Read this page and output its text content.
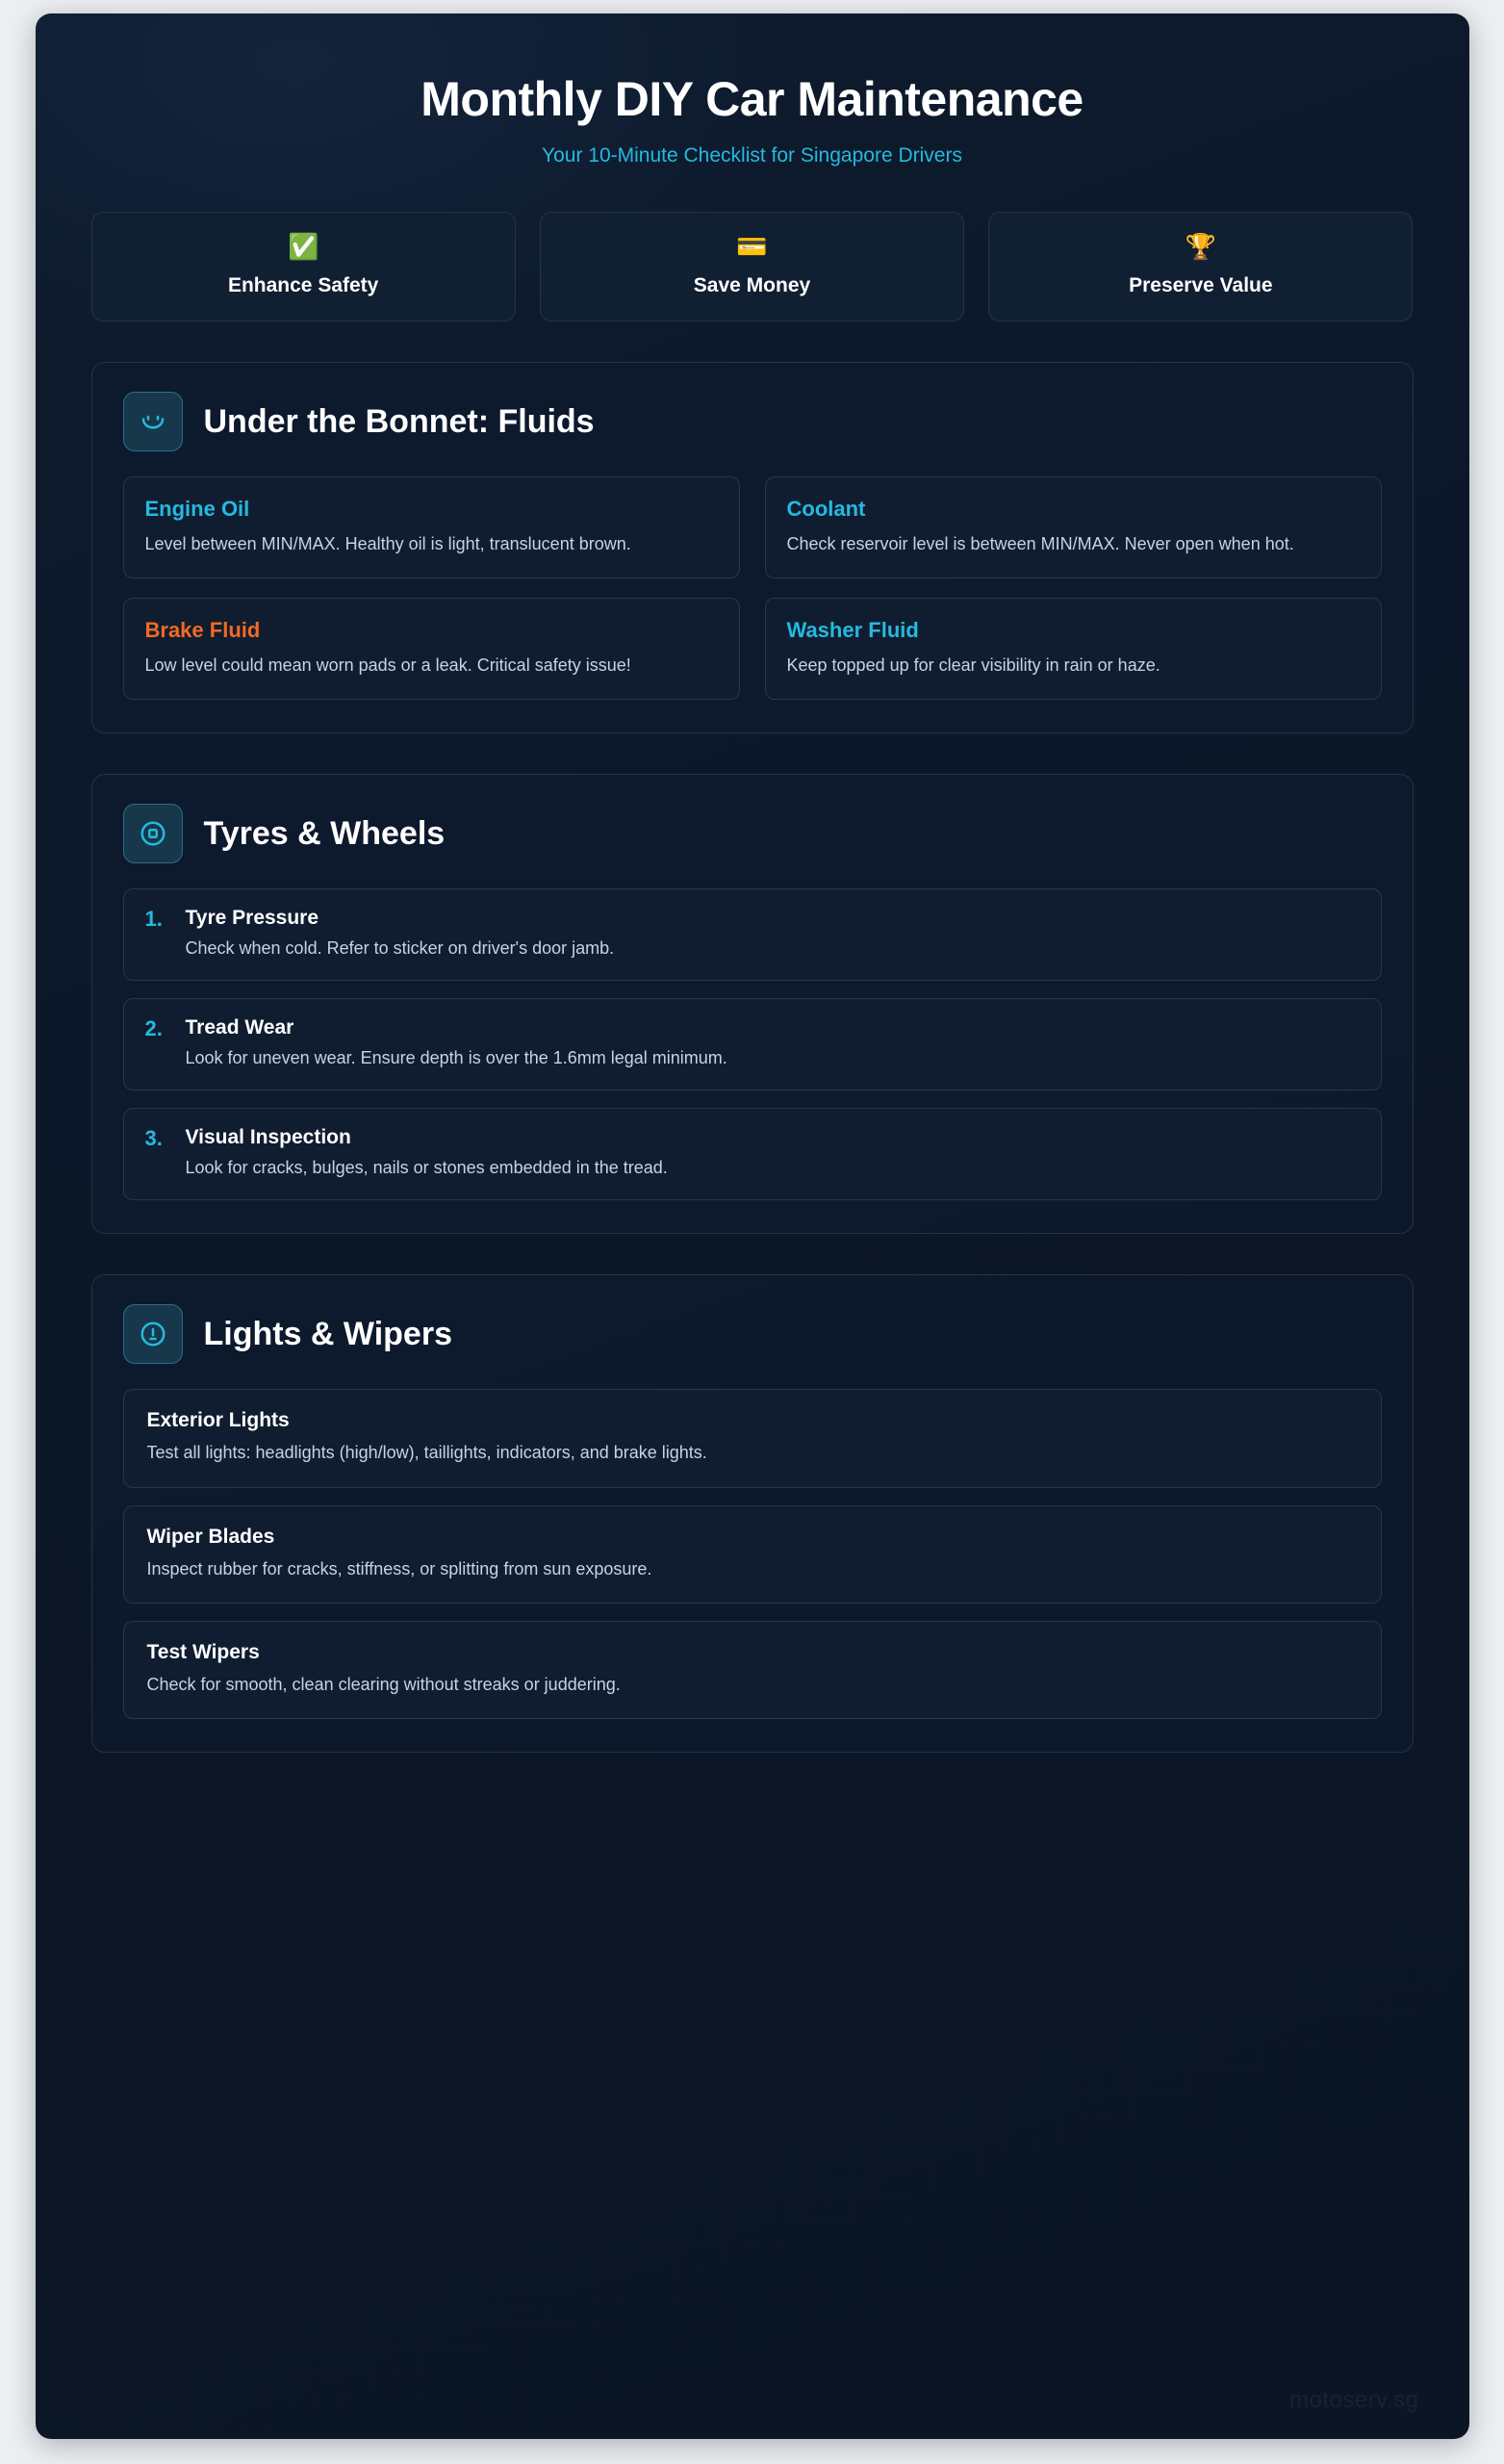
Monthly DIY Car Maintenance
Your 10-Minute Checklist for Singapore Drivers
✅
Enhance Safety
💳
Save Money
🏆
Preserve Value
Under the Bonnet: Fluids
Engine Oil
Level between MIN/MAX. Healthy oil is light, translucent brown.
Coolant
Check reservoir level is between MIN/MAX. Never open when hot.
Brake Fluid
Low level could mean worn pads or a leak. Critical safety issue!
Washer Fluid
Keep topped up for clear visibility in rain or haze.
Tyres & Wheels
1.	Tyre Pressure
Check when cold. Refer to sticker on driver's door jamb.
2.	Tread Wear
Look for uneven wear. Ensure depth is over the 1.6mm legal minimum.
3.	Visual Inspection
Look for cracks, bulges, nails or stones embedded in the tread.
Lights & Wipers
Exterior Lights
Test all lights: headlights (high/low), taillights, indicators, and brake lights.
Wiper Blades
Inspect rubber for cracks, stiffness, or splitting from sun exposure.
Test Wipers
Check for smooth, clean clearing without streaks or juddering.
motoserv.sg
